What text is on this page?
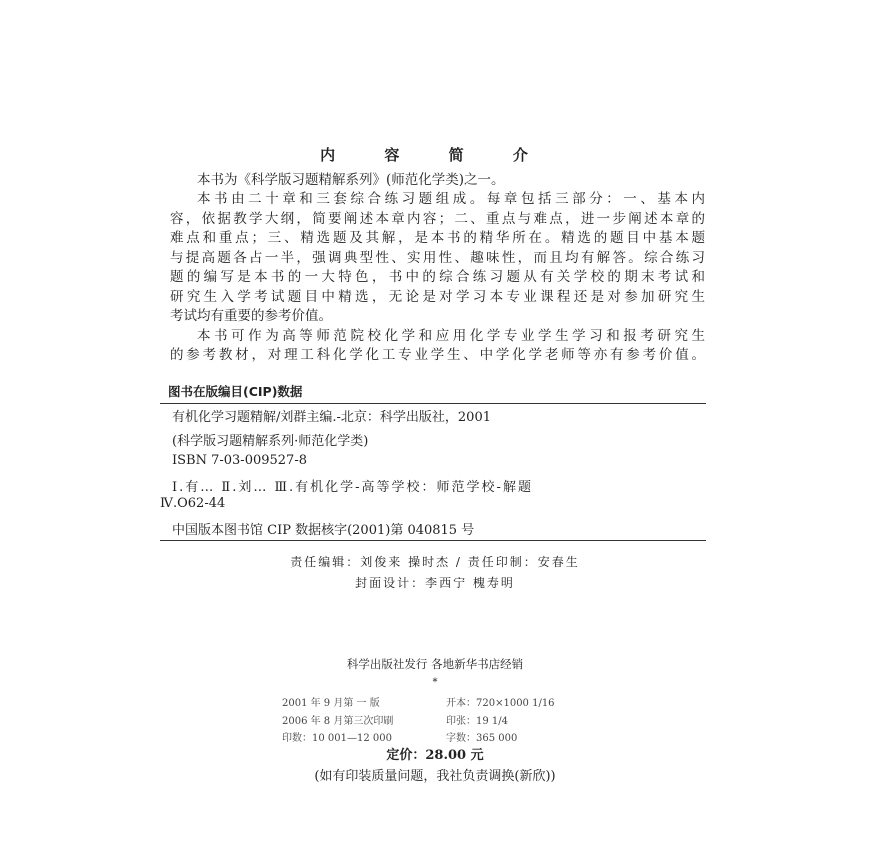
内 容 简 介
本书为《科学版习题精解系列》(师范化学类)之一。
本书由二十章和三套综合练习题组成。每章包括三部分：一、基本内
容，依据教学大纲，简要阐述本章内容；二、重点与难点，进一步阐述本章的
难点和重点；三、精选题及其解，是本书的精华所在。精选的题目中基本题
与提高题各占一半，强调典型性、实用性、趣味性，而且均有解答。综合练习
题的编写是本书的一大特色，书中的综合练习题从有关学校的期末考试和
研究生入学考试题目中精选，无论是对学习本专业课程还是对参加研究生
考试均有重要的参考价值。
本书可作为高等师范院校化学和应用化学专业学生学习和报考研究生
的参考教材，对理工科化学化工专业学生、中学化学老师等亦有参考价值。
图书在版编目(CIP)数据
有机化学习题精解/刘群主编.-北京：科学出版社，2001
(科学版习题精解系列·师范化学类)
ISBN 7-03-009527-8
Ⅰ.有… Ⅱ.刘… Ⅲ.有机化学-高等学校：师范学校-解题
Ⅳ.O62-44
中国版本图书馆 CIP 数据核字(2001)第 040815 号
责任编辑：刘俊来 操时杰 / 责任印制：安春生
封面设计：李西宁 槐寿明
科学出版社发行 各地新华书店经销
*
2001 年 9 月第 一 版	开本：720×1000 1/16
2006 年 8 月第三次印刷	印张：19 1/4
印数：10 001—12 000	字数：365 000
定价：28.00 元
(如有印装质量问题，我社负责调换(新欣))
